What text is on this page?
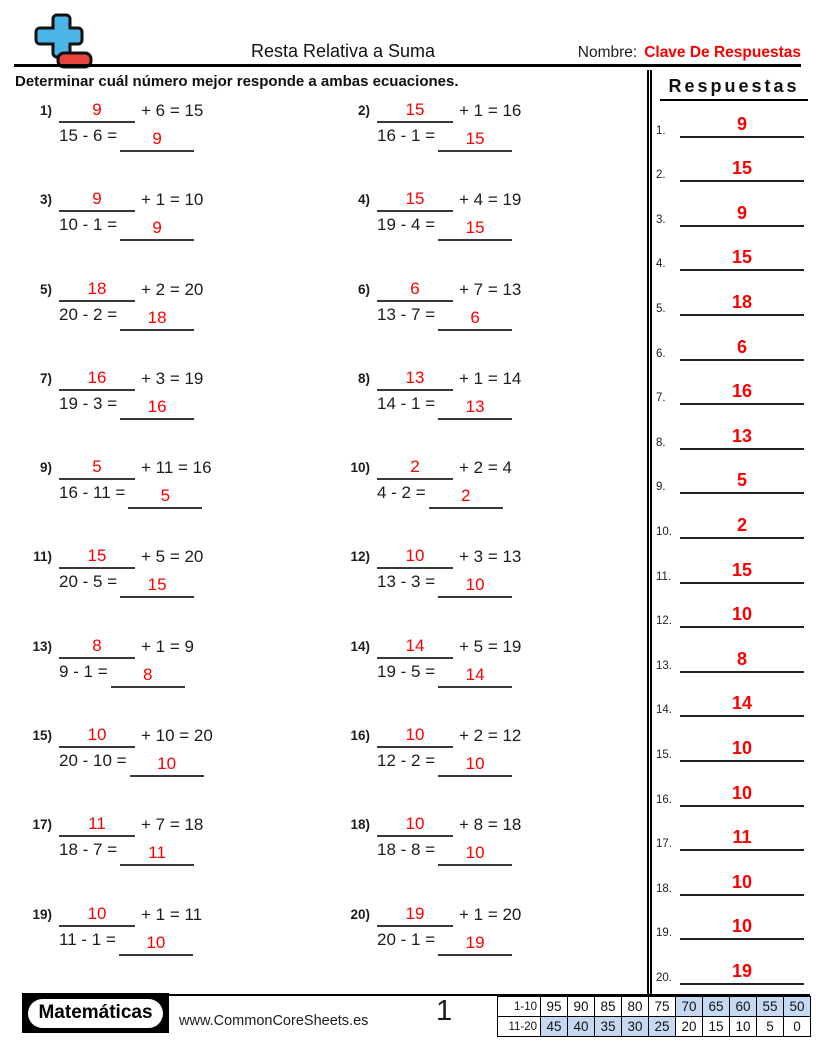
Resta Relativa a Suma	Nombre: Clave De Respuestas
Determinar cuál número mejor responde a ambas ecuaciones.
1)	9	+ 6 = 15
15 - 6 =	9
2)	15	+ 1 = 16
16 - 1 =	15
3)	9	+ 1 = 10
10 - 1 =	9
4)	15	+ 4 = 19
19 - 4 =	15
5)	18	+ 2 = 20
20 - 2 =	18
6)	6	+ 7 = 13
13 - 7 =	6
7)	16	+ 3 = 19
19 - 3 =	16
8)	13	+ 1 = 14
14 - 1 =	13
9)	5	+ 11 = 16
16 - 11 =	5
10)	2	+ 2 = 4
4 - 2 =	2
11)	15	+ 5 = 20
20 - 5 =	15
12)	10	+ 3 = 13
13 - 3 =	10
13)	8	+ 1 = 9
9 - 1 =	8
14)	14	+ 5 = 19
19 - 5 =	14
15)	10	+ 10 = 20
20 - 10 =	10
16)	10	+ 2 = 12
12 - 2 =	10
17)	11	+ 7 = 18
18 - 7 =	11
18)	10	+ 8 = 18
18 - 8 =	10
19)	10	+ 1 = 11
11 - 1 =	10
20)	19	+ 1 = 20
20 - 1 =	19
Respuestas
1.	9
2.	15
3.	9
4.	15
5.	18
6.	6
7.	16
8.	13
9.	5
10.	2
11.	15
12.	10
13.	8
14.	14
15.	10
16.	10
17.	11
18.	10
19.	10
20.	19
Matemáticas	www.CommonCoreSheets.es 1	1-10	95	90	85	80	75	70	65	60	55	50
11-20	45	40	35	30	25	20	15	10	5	0
